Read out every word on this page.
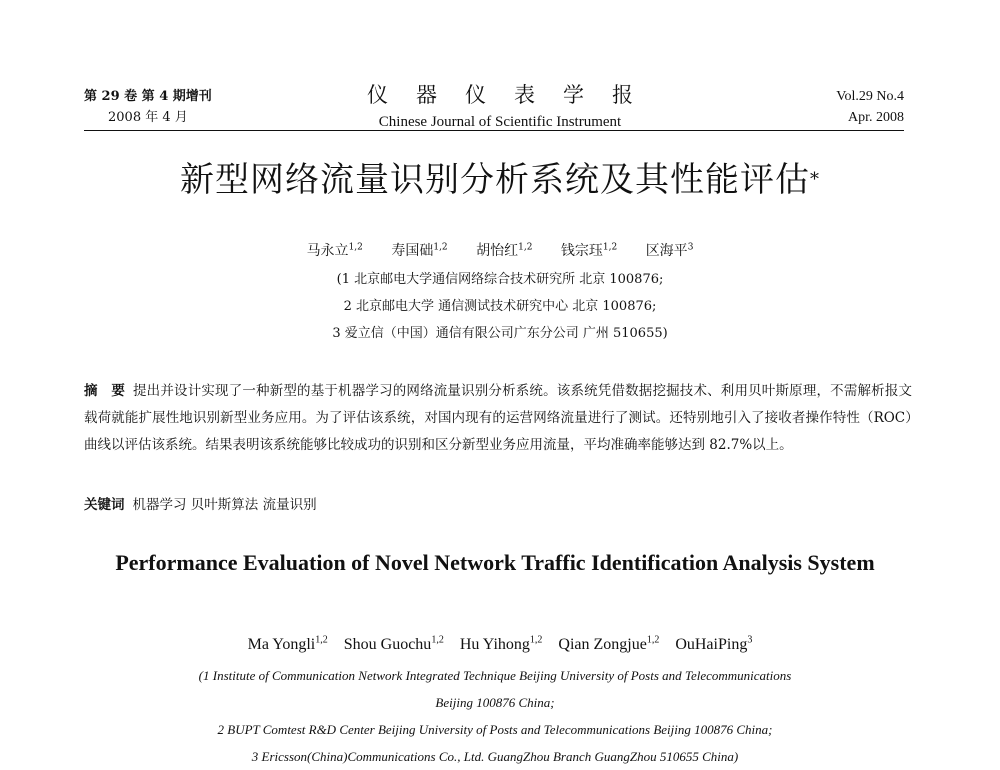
第 29 卷 第 4 期增刊
2008 年 4 月
仪器仪表学报
Chinese Journal of Scientific Instrument
Vol.29 No.4
Apr. 2008
新型网络流量识别分析系统及其性能评估*
马永立$^{1,2}$ 寿国础$^{1,2}$ 胡怡红$^{1,2}$ 钱宗珏$^{1,2}$ 区海平$^3$
(1 北京邮电大学通信网络综合技术研究所 北京 100876;
2 北京邮电大学 通信测试技术研究中心 北京 100876;
3 爱立信（中国）通信有限公司广东分公司 广州 510655)
摘　要 提出并设计实现了一种新型的基于机器学习的网络流量识别分析系统。该系统凭借数据挖掘技术、利用贝叶斯原理，不需解析报文载荷就能扩展性地识别新型业务应用。为了评估该系统，对国内现有的运营网络流量进行了测试。还特别地引入了接收者操作特性（ROC）曲线以评估该系统。结果表明该系统能够比较成功的识别和区分新型业务应用流量，平均准确率能够达到 82.7%以上。
关键词 机器学习 贝叶斯算法 流量识别
Performance Evaluation of Novel Network Traffic Identification Analysis System
Ma Yongli$^{1,2}$ Shou Guochu$^{1,2}$ Hu Yihong$^{1,2}$ Qian Zongjue$^{1,2}$ OuHaiPing$^3$
(1 Institute of Communication Network Integrated Technique Beijing University of Posts and Telecommunications
Beijing 100876 China;
2 BUPT Comtest R&D Center Beijing University of Posts and Telecommunications Beijing 100876 China;
3 Ericsson(China)Communications Co., Ltd. GuangZhou Branch GuangZhou 510655 China)
